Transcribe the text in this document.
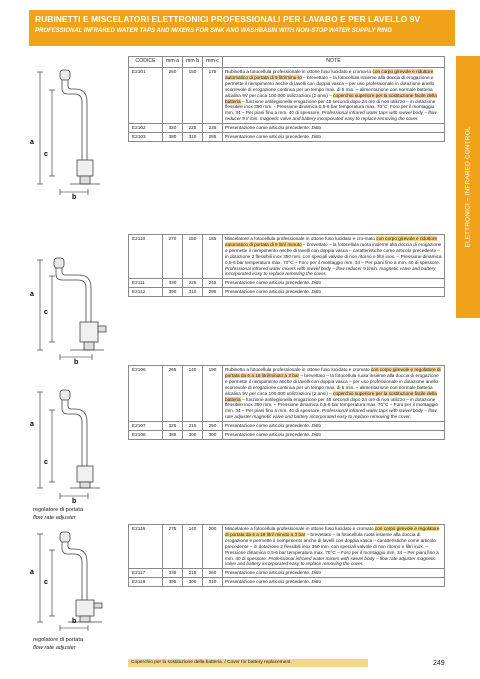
RUBINETTI E MISCELATORI ELETTRONICI PROFESSIONALI PER LAVABO E PER LAVELLO 9V
PROFESSIONAL INFRARED WATER TAPS AND MIXERS FOR SINK AND WASHBASIN WITH NON-STOP WATER SUPPLY RING
ELETTRONICI – INFRARED CONTROL
CODICE	mm a	mm b	mm c	NOTE
E2101	260	150	175	Rubinetto a fotocellula professionale in ottone fuso lucidato e croma-to con corpo girevole e riduttore automatico di portata di 9 litri/minu-to – brevettato – la fotocellula insieme alla doccia di erogazione e permette il riempimento anche di lavelli con doppia vasca – per uso professionale in dotazione anello scorrevole di erogazione continua per un tempo max. di 5 min. – alimentazione con normale batteria alcalina 9V per circa 100.000 utilizzazioni (2 anni) – coperchio superiore per la sostituzione facile della batteria – funzione antilegionella erogazione per 45 secondi dopo 24 ore di non utilizzo – in dotazione flessibile inox 350 mm. - Pressione dinamica 0,5-6 bar temperatura max. 70°C. Foro per il montaggio mm. 34 – Per piani fino a mm. 40 di spessore. Professional infrared water taps with swivel body – flow reducer 9 l/ min. magnetic valve and battery incorporated easy to replace removing the cover.
E2102	320	225	235	Presentazione come articolo precedente. Ditto
E2103	380	310	285	Presentazione come articolo precedente. Ditto
E2110	270	150	185	Miscelatore a fotocellula professionale in ottone fuso lucidato e cro-mato con corpo girevole e riduttore automatico di portata di 9 litri/ minuto – brevettato – la fotocellula ruota insieme alla doccia di erogazione e permette il riempimento anche di lavelli con doppia vasca – caratteristiche come articolo precedente – in dotazione 2 flessibili inox 350 mm. con speciali valvole di non ritorno e filtri inox. – Pressione dinamica 0,5-6 bar temperatura max. 70°C – Foro per il montaggio mm. 34 – Per piani fino a mm. 40 di spessore. Professional infrared water mixers with swivel body – flow reducer 9 l/min. magnetic valve and battery incorporated easy to replace removing the cover.
E2111	330	225	245	Presentazione come articolo precedente. Ditto
E2112	390	310	295	Presentazione come articolo precedente. Ditto
E2106	265	140	190	Rubinetto a fotocellula professionale in ottone fuso lucidato e cromato con corpo girevole e regolatore di portata da 6 a 18 litri/minuto a 3 bar – brevettato – la fotocellula ruota insieme alla doccia di erogazione e permette il riempimento anche di lavelli con doppia vasca – per uso professionale in dotazione anello scorrevole di erogazione continua per un tempo max. di 5 min. – alimentazione con normale batteria alcalina 9V per circa 100.000 utilizzazioni (2 anni) – coperchio superiore per la sostituzione facile della batteria – funzione antilegionella erogazione per 45 secondi dopo 24 ore di non utilizzo – in dotazione flessibile inox 350 mm. – Pressione dinamica 0,5-6 bar temperatura max. 70°C – Foro per il montaggio mm. 34 – Per piani fino a mm. 40 di spessore. Professional infrared water taps with swivel body – flow rate adjuster magnetic valve and battery incorporated easy to replace removing the cover.
E2107	325	215	250	Presentazione come articolo precedente. Ditto
E2108	385	300	300	Presentazione come articolo precedente. Ditto
E2116	275	140	200	Miscelatore a fotocellula professionale in ottone fuso lucidato e cromato con corpo girevole e regolatore di portata da 6 a 18 litri/ minuto a 3 bar – brevettato – la fotocellula ruota insieme alla doccia di erogazione e permette il riempimento anche di lavelli con doppia vasca – caratteristiche come articolo precedente – in dotazione 2 flessibili inox 350 mm. con speciali valvole di non ritorno e filtri inox. – Pressione dinamica 0,5-6 bar temperatura max. 70°C – Foro per il montaggio mm. 34 – Per piani fino a mm. 40 di spessore. Professional infrared water mixers with swivel body – flow rate adjuster magnetic valve and battery incorporated easy to replace removing the cover.
E2117	335	215	260	Presentazione come articolo precedente. Ditto
E2118	395	300	310	Presentazione come articolo precedente. Ditto
a
c
b
a
c
b
a
c
b
regolatore di portata
flow rate adjuster
a
c
b
regolatore di portata
flow rate adjuster
Coperchio per la sostituzione della batteria. / Cover for battery replacement.	249
